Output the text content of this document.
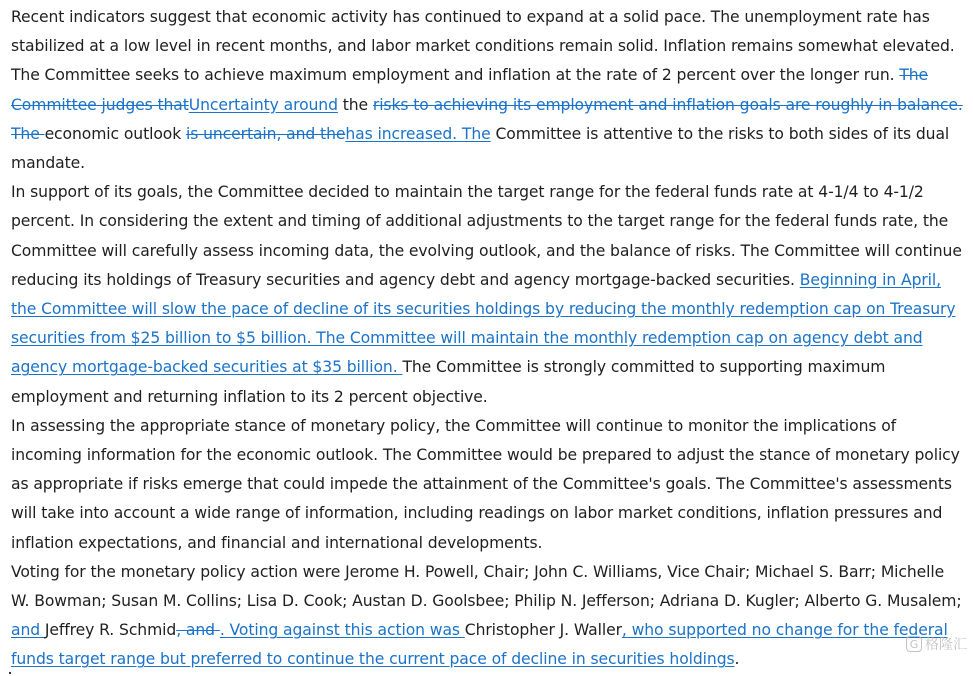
Recent indicators suggest that economic activity has continued to expand at a solid pace. The unemployment rate has stabilized at a low level in recent months, and labor market conditions remain solid. Inflation remains somewhat elevated. The Committee seeks to achieve maximum employment and inflation at the rate of 2 percent over the longer run. The Committee judges thatUncertainty around the risks to achieving its employment and inflation goals are roughly in balance. The economic outlook is uncertain, and thehas increased. The Committee is attentive to the risks to both sides of its dual mandate.

In support of its goals, the Committee decided to maintain the target range for the federal funds rate at 4-1/4 to 4-1/2 percent. In considering the extent and timing of additional adjustments to the target range for the federal funds rate, the Committee will carefully assess incoming data, the evolving outlook, and the balance of risks. The Committee will continue reducing its holdings of Treasury securities and agency debt and agency mortgage-backed securities. Beginning in April, the Committee will slow the pace of decline of its securities holdings by reducing the monthly redemption cap on Treasury securities from $25 billion to $5 billion. The Committee will maintain the monthly redemption cap on agency debt and agency mortgage-backed securities at $35 billion. The Committee is strongly committed to supporting maximum employment and returning inflation to its 2 percent objective.

In assessing the appropriate stance of monetary policy, the Committee will continue to monitor the implications of incoming information for the economic outlook. The Committee would be prepared to adjust the stance of monetary policy as appropriate if risks emerge that could impede the attainment of the Committee's goals. The Committee's assessments will take into account a wide range of information, including readings on labor market conditions, inflation pressures and inflation expectations, and financial and international developments.

Voting for the monetary policy action were Jerome H. Powell, Chair; John C. Williams, Vice Chair; Michael S. Barr; Michelle W. Bowman; Susan M. Collins; Lisa D. Cook; Austan D. Goolsbee; Philip N. Jefferson; Adriana D. Kugler; Alberto G. Musalem; and Jeffrey R. Schmid, and . Voting against this action was Christopher J. Waller, who supported no change for the federal funds target range but preferred to continue the current pace of decline in securities holdings.

G 格隆汇
